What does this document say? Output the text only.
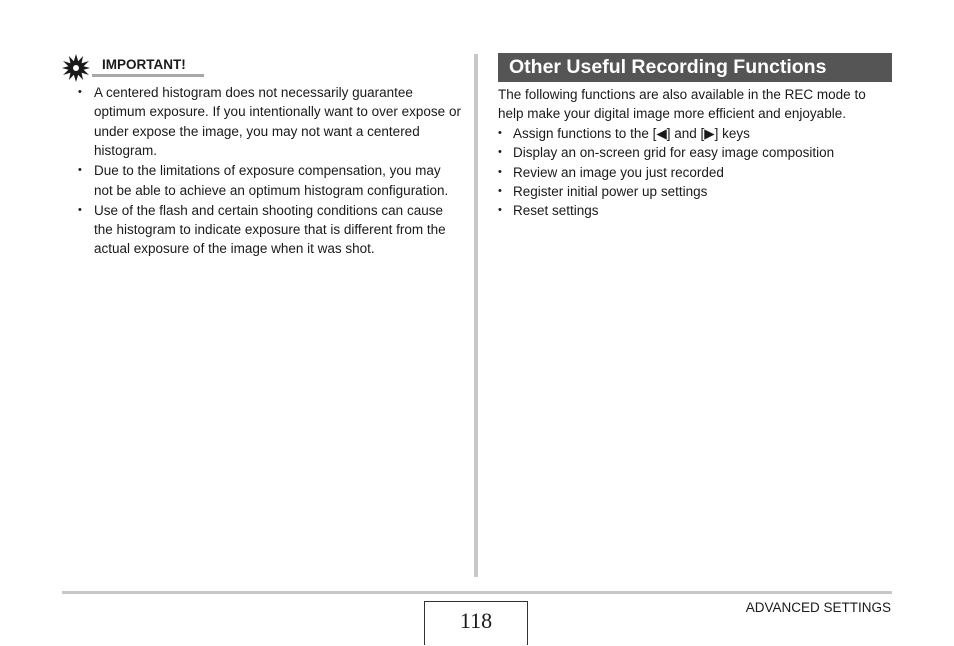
IMPORTANT!
• A centered histogram does not necessarily guarantee optimum exposure. If you intentionally want to over expose or under expose the image, you may not want a centered histogram.
• Due to the limitations of exposure compensation, you may not be able to achieve an optimum histogram configuration.
• Use of the flash and certain shooting conditions can cause the histogram to indicate exposure that is different from the actual exposure of the image when it was shot.
Other Useful Recording Functions
The following functions are also available in the REC mode to help make your digital image more efficient and enjoyable.
• Assign functions to the [◀] and [▶] keys
• Display an on-screen grid for easy image composition
• Review an image you just recorded
• Register initial power up settings
• Reset settings
118
ADVANCED SETTINGS
